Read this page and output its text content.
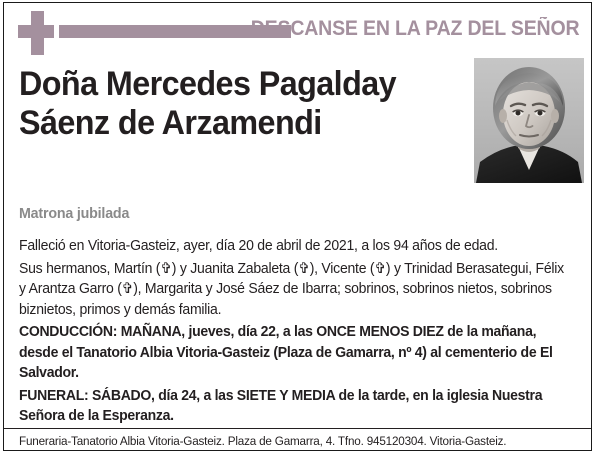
DESCANSE EN LA PAZ DEL SEÑOR
Doña Mercedes Pagalday
Sáenz de Arzamendi
Matrona jubilada

Falleció en Vitoria-Gasteiz, ayer, día 20 de abril de 2021, a los 94 años de edad.

Sus hermanos, Martín (✞) y Juanita Zabaleta (✞), Vicente (✞) y Trinidad Berasategui, Félix y Arantza Garro (✞), Margarita y José Sáez de Ibarra; sobrinos, sobrinos nietos, sobrinos biznietos, primos y demás familia.

CONDUCCIÓN: MAÑANA, jueves, día 22, a las ONCE MENOS DIEZ de la mañana, desde el Tanatorio Albia Vitoria-Gasteiz (Plaza de Gamarra, nº 4) al cementerio de El Salvador.

FUNERAL: SÁBADO, día 24, a las SIETE Y MEDIA de la tarde, en la iglesia Nuestra Señora de la Esperanza.

Funeraria-Tanatorio Albia Vitoria-Gasteiz. Plaza de Gamarra, 4. Tfno. 945120304. Vitoria-Gasteiz.
